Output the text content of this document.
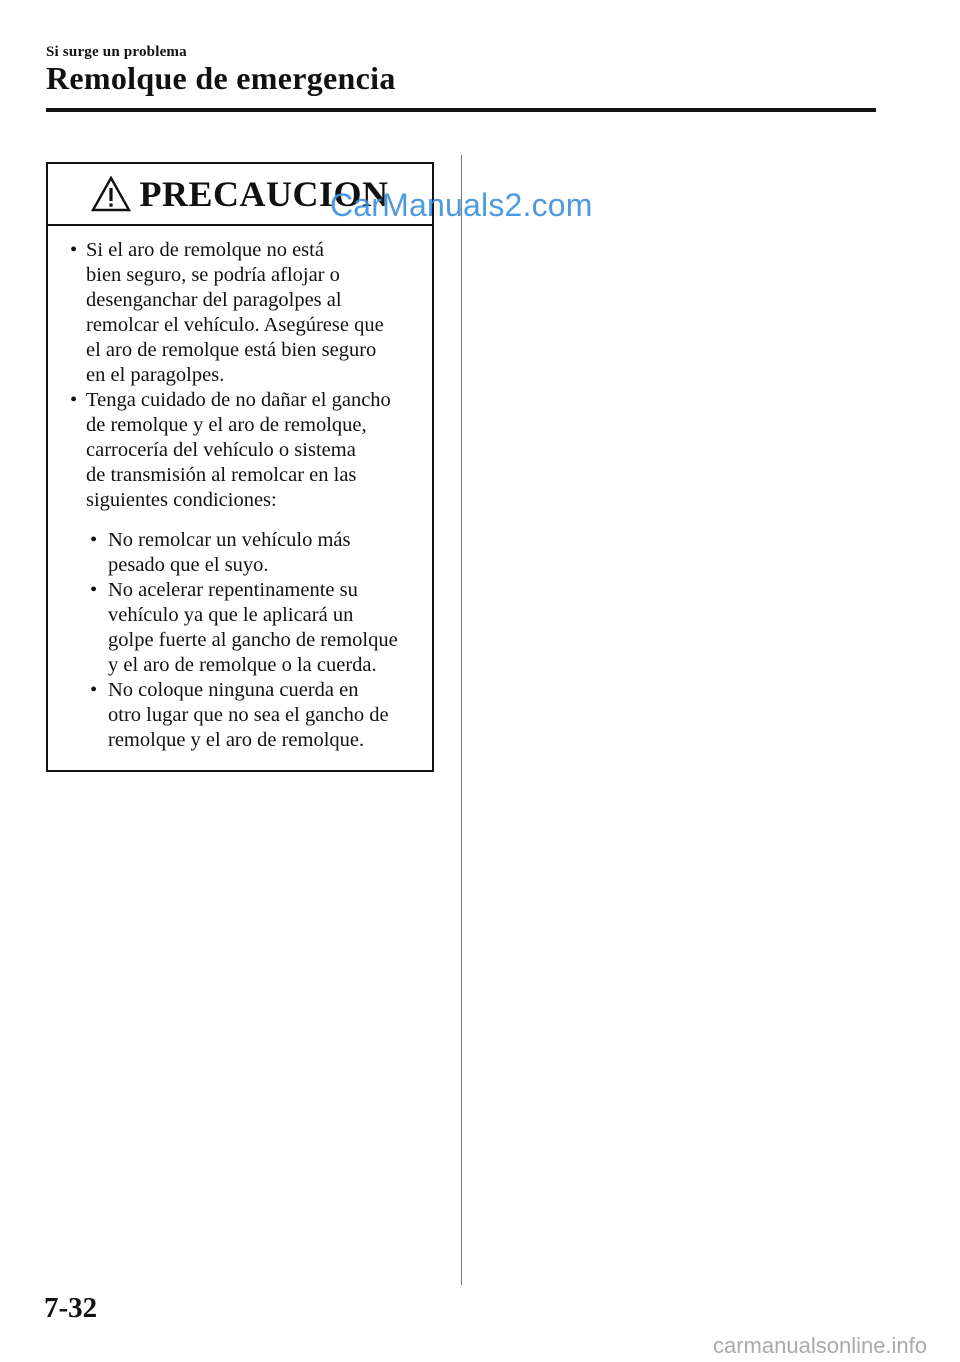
Si surge un problema
Remolque de emergencia
PRECAUCION
• Si el aro de remolque no está
bien seguro, se podría aflojar o
desenganchar del paragolpes al
remolcar el vehículo. Asegúrese que
el aro de remolque está bien seguro
en el paragolpes.
• Tenga cuidado de no dañar el gancho
de remolque y el aro de remolque,
carrocería del vehículo o sistema
de transmisión al remolcar en las
siguientes condiciones:
• No remolcar un vehículo más
pesado que el suyo.
• No acelerar repentinamente su
vehículo ya que le aplicará un
golpe fuerte al gancho de remolque
y el aro de remolque o la cuerda.
• No coloque ninguna cuerda en
otro lugar que no sea el gancho de
remolque y el aro de remolque.
CarManuals2.com
7-32
carmanualsonline.info
